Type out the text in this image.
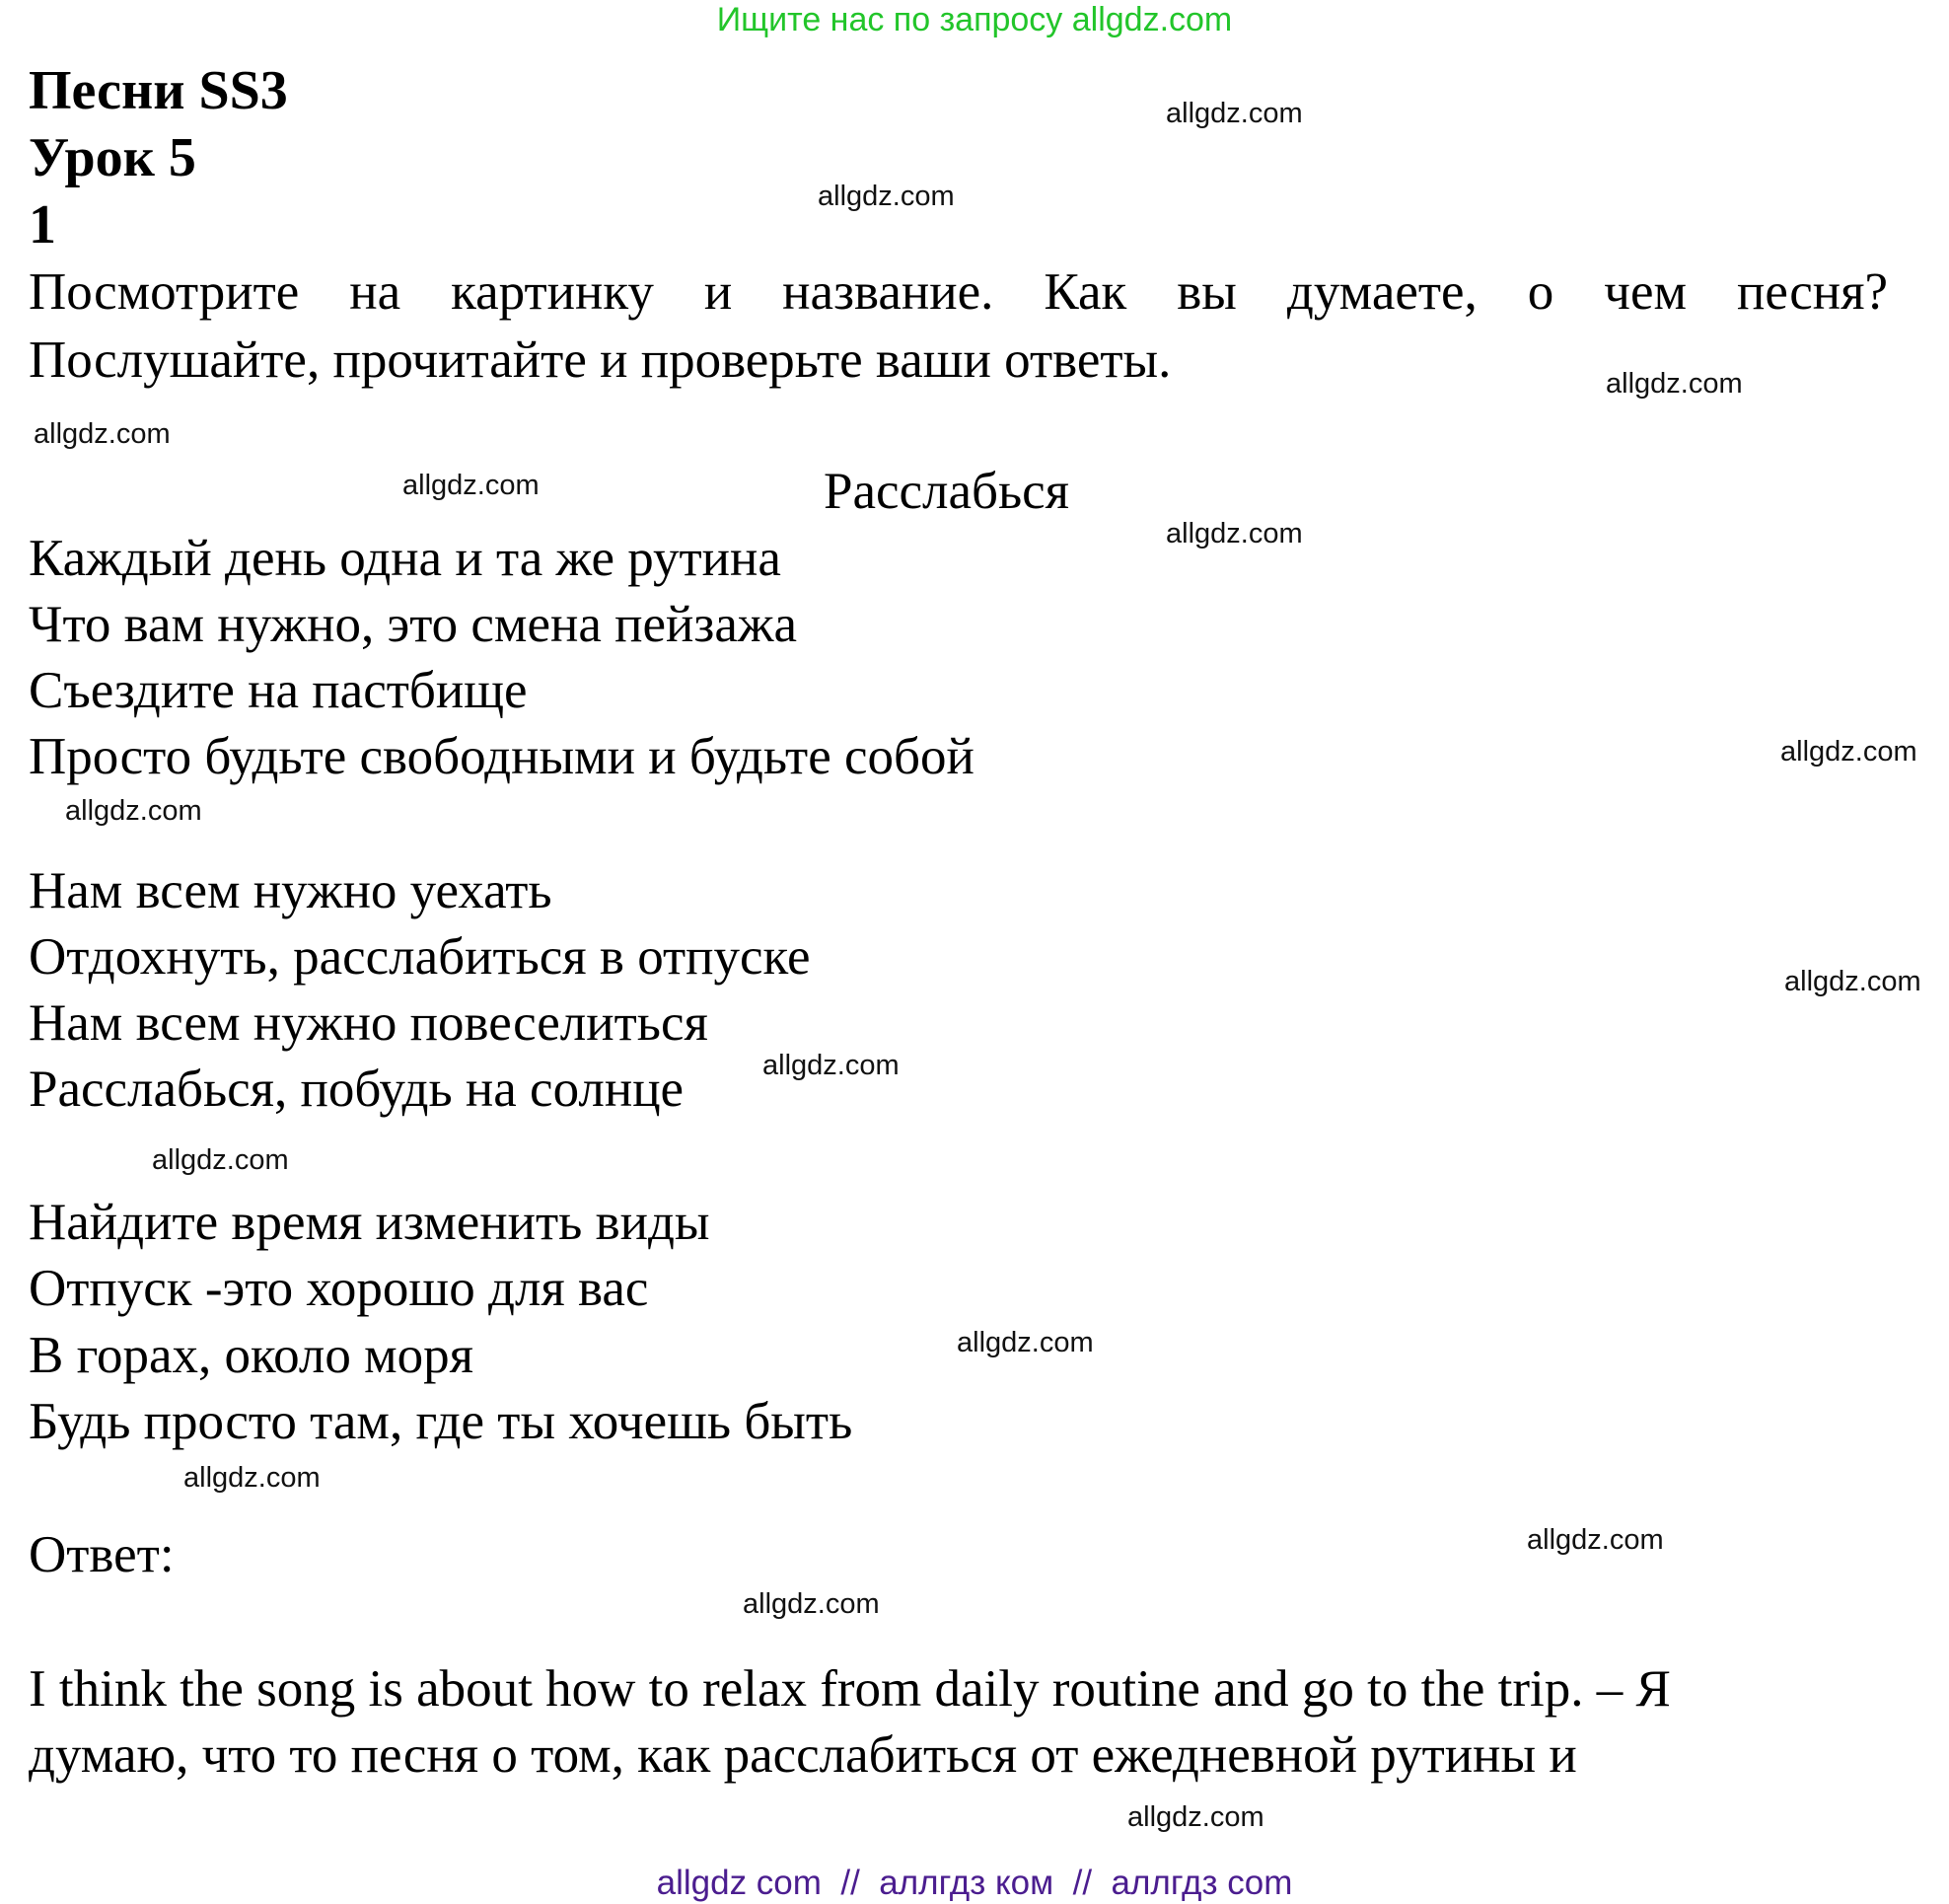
Ищите нас по запросу allgdz.com
Песни SS3
Урок 5
1
Посмотрите на картинку и название. Как вы думаете, о чем песня?
Послушайте, прочитайте и проверьте ваши ответы.
Расслабься
Каждый день одна и та же рутина
Что вам нужно, это смена пейзажа
Съездите на пастбище
Просто будьте свободными и будьте собой
Нам всем нужно уехать
Отдохнуть, расслабиться в отпуске
Нам всем нужно повеселиться
Расслабься, побудь на солнце
Найдите время изменить виды
Отпуск -это хорошо для вас
В горах, около моря
Будь просто там, где ты хочешь быть
Ответ:
I think the song is about how to relax from daily routine and go to the trip. – Я
думаю, что то песня о том, как расслабиться от ежедневной рутины и
allgdz.com
allgdz.com
allgdz.com
allgdz.com
allgdz.com
allgdz.com
allgdz.com
allgdz.com
allgdz.com
allgdz.com
allgdz.com
allgdz.com
allgdz.com
allgdz.com
allgdz.com
allgdz.com
allgdz com  //  аллгдз ком  //  аллгдз com
